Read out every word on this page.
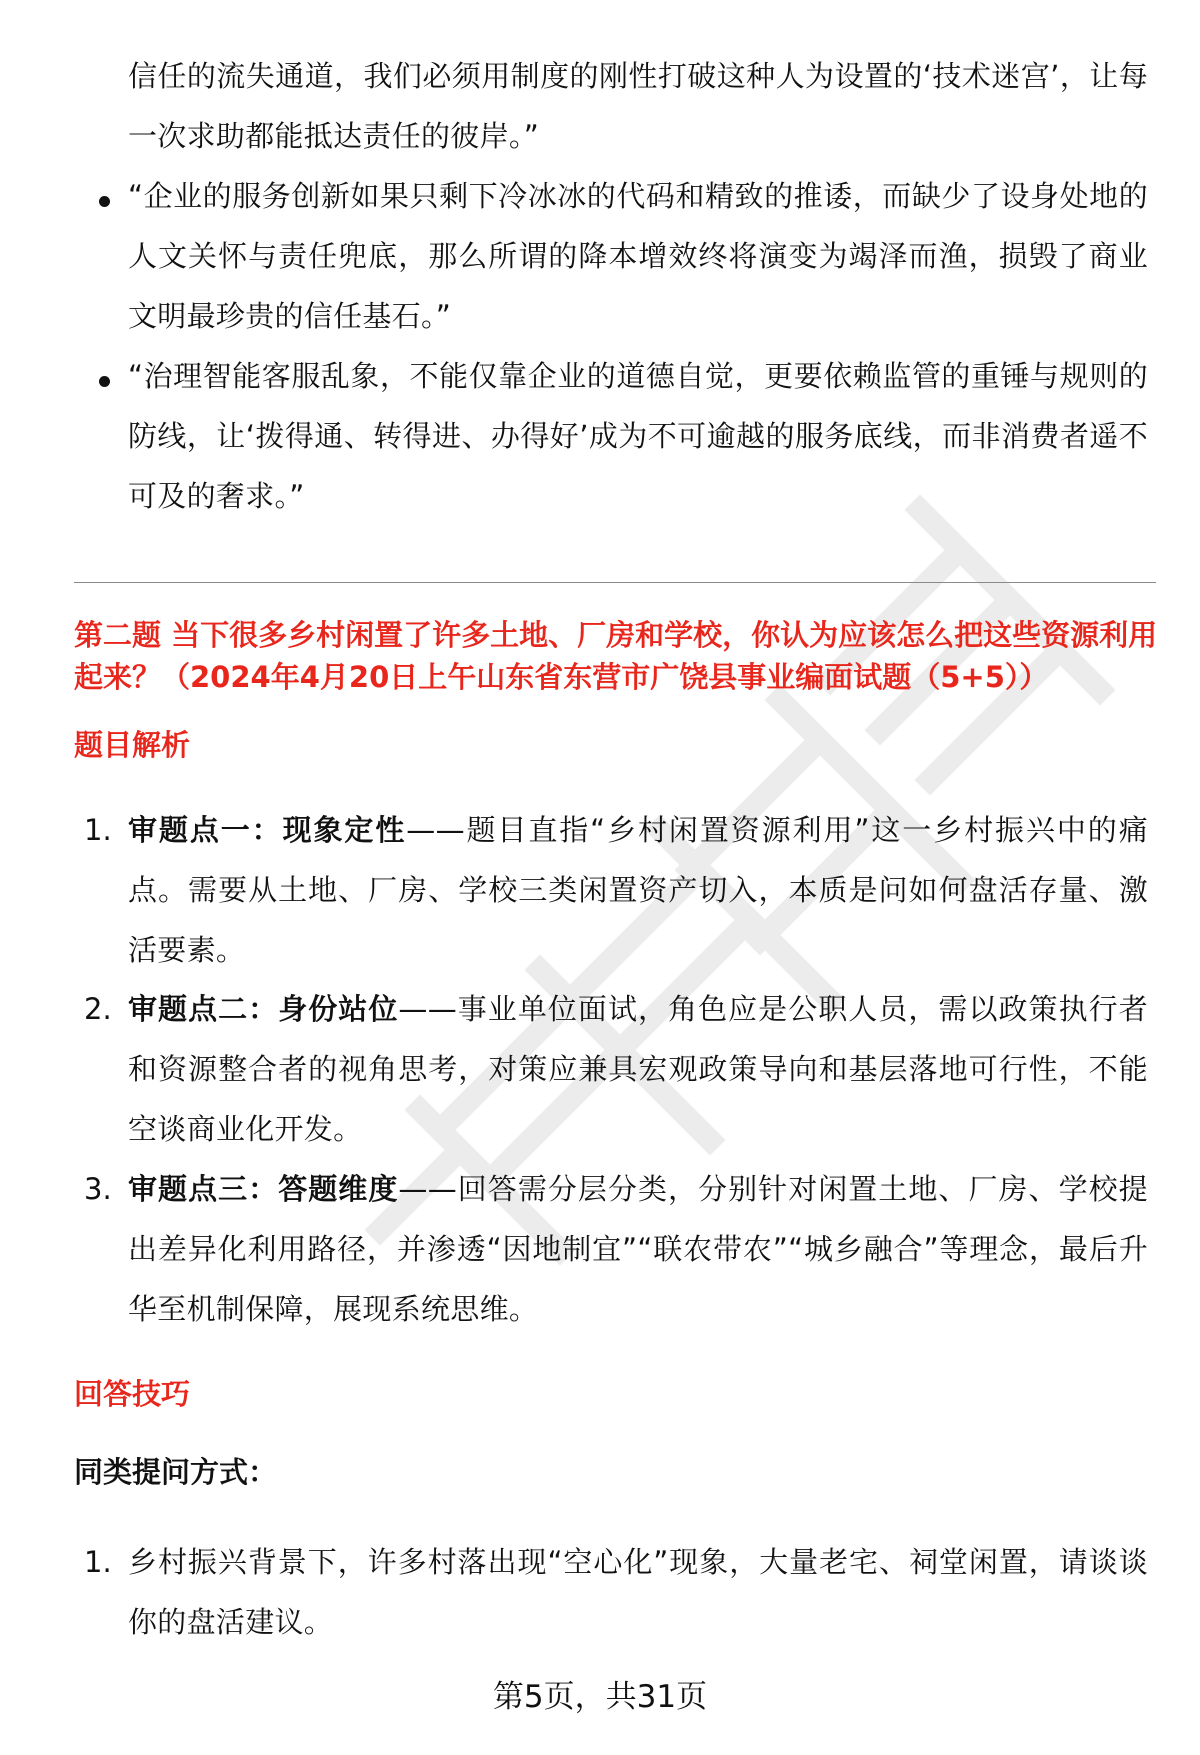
信任的流失通道，我们必须用制度的刚性打破这种人为设置的‘技术迷宫’，让每一次求助都能抵达责任的彼岸。”

“企业的服务创新如果只剩下冷冰冰的代码和精致的推诿，而缺少了设身处地的人文关怀与责任兜底，那么所谓的降本增效终将演变为竭泽而渔，损毁了商业文明最珍贵的信任基石。”

“治理智能客服乱象，不能仅靠企业的道德自觉，更要依赖监管的重锤与规则的防线，让‘拨得通、转得进、办得好’成为不可逾越的服务底线，而非消费者遥不可及的奢求。”

第二题 当下很多乡村闲置了许多土地、厂房和学校，你认为应该怎么把这些资源利用起来？（2024年4月20日上午山东省东营市广饶县事业编面试题（5+5））

题目解析

1. 审题点一：现象定性——题目直指“乡村闲置资源利用”这一乡村振兴中的痛点。需要从土地、厂房、学校三类闲置资产切入，本质是问如何盘活存量、激活要素。

2. 审题点二：身份站位——事业单位面试，角色应是公职人员，需以政策执行者和资源整合者的视角思考，对策应兼具宏观政策导向和基层落地可行性，不能空谈商业化开发。

3. 审题点三：答题维度——回答需分层分类，分别针对闲置土地、厂房、学校提出差异化利用路径，并渗透“因地制宜”“联农带农”“城乡融合”等理念，最后升华至机制保障，展现系统思维。

回答技巧

同类提问方式：

1. 乡村振兴背景下，许多村落出现“空心化”现象，大量老宅、祠堂闲置，请谈谈你的盘活建议。

第5页，共31页
